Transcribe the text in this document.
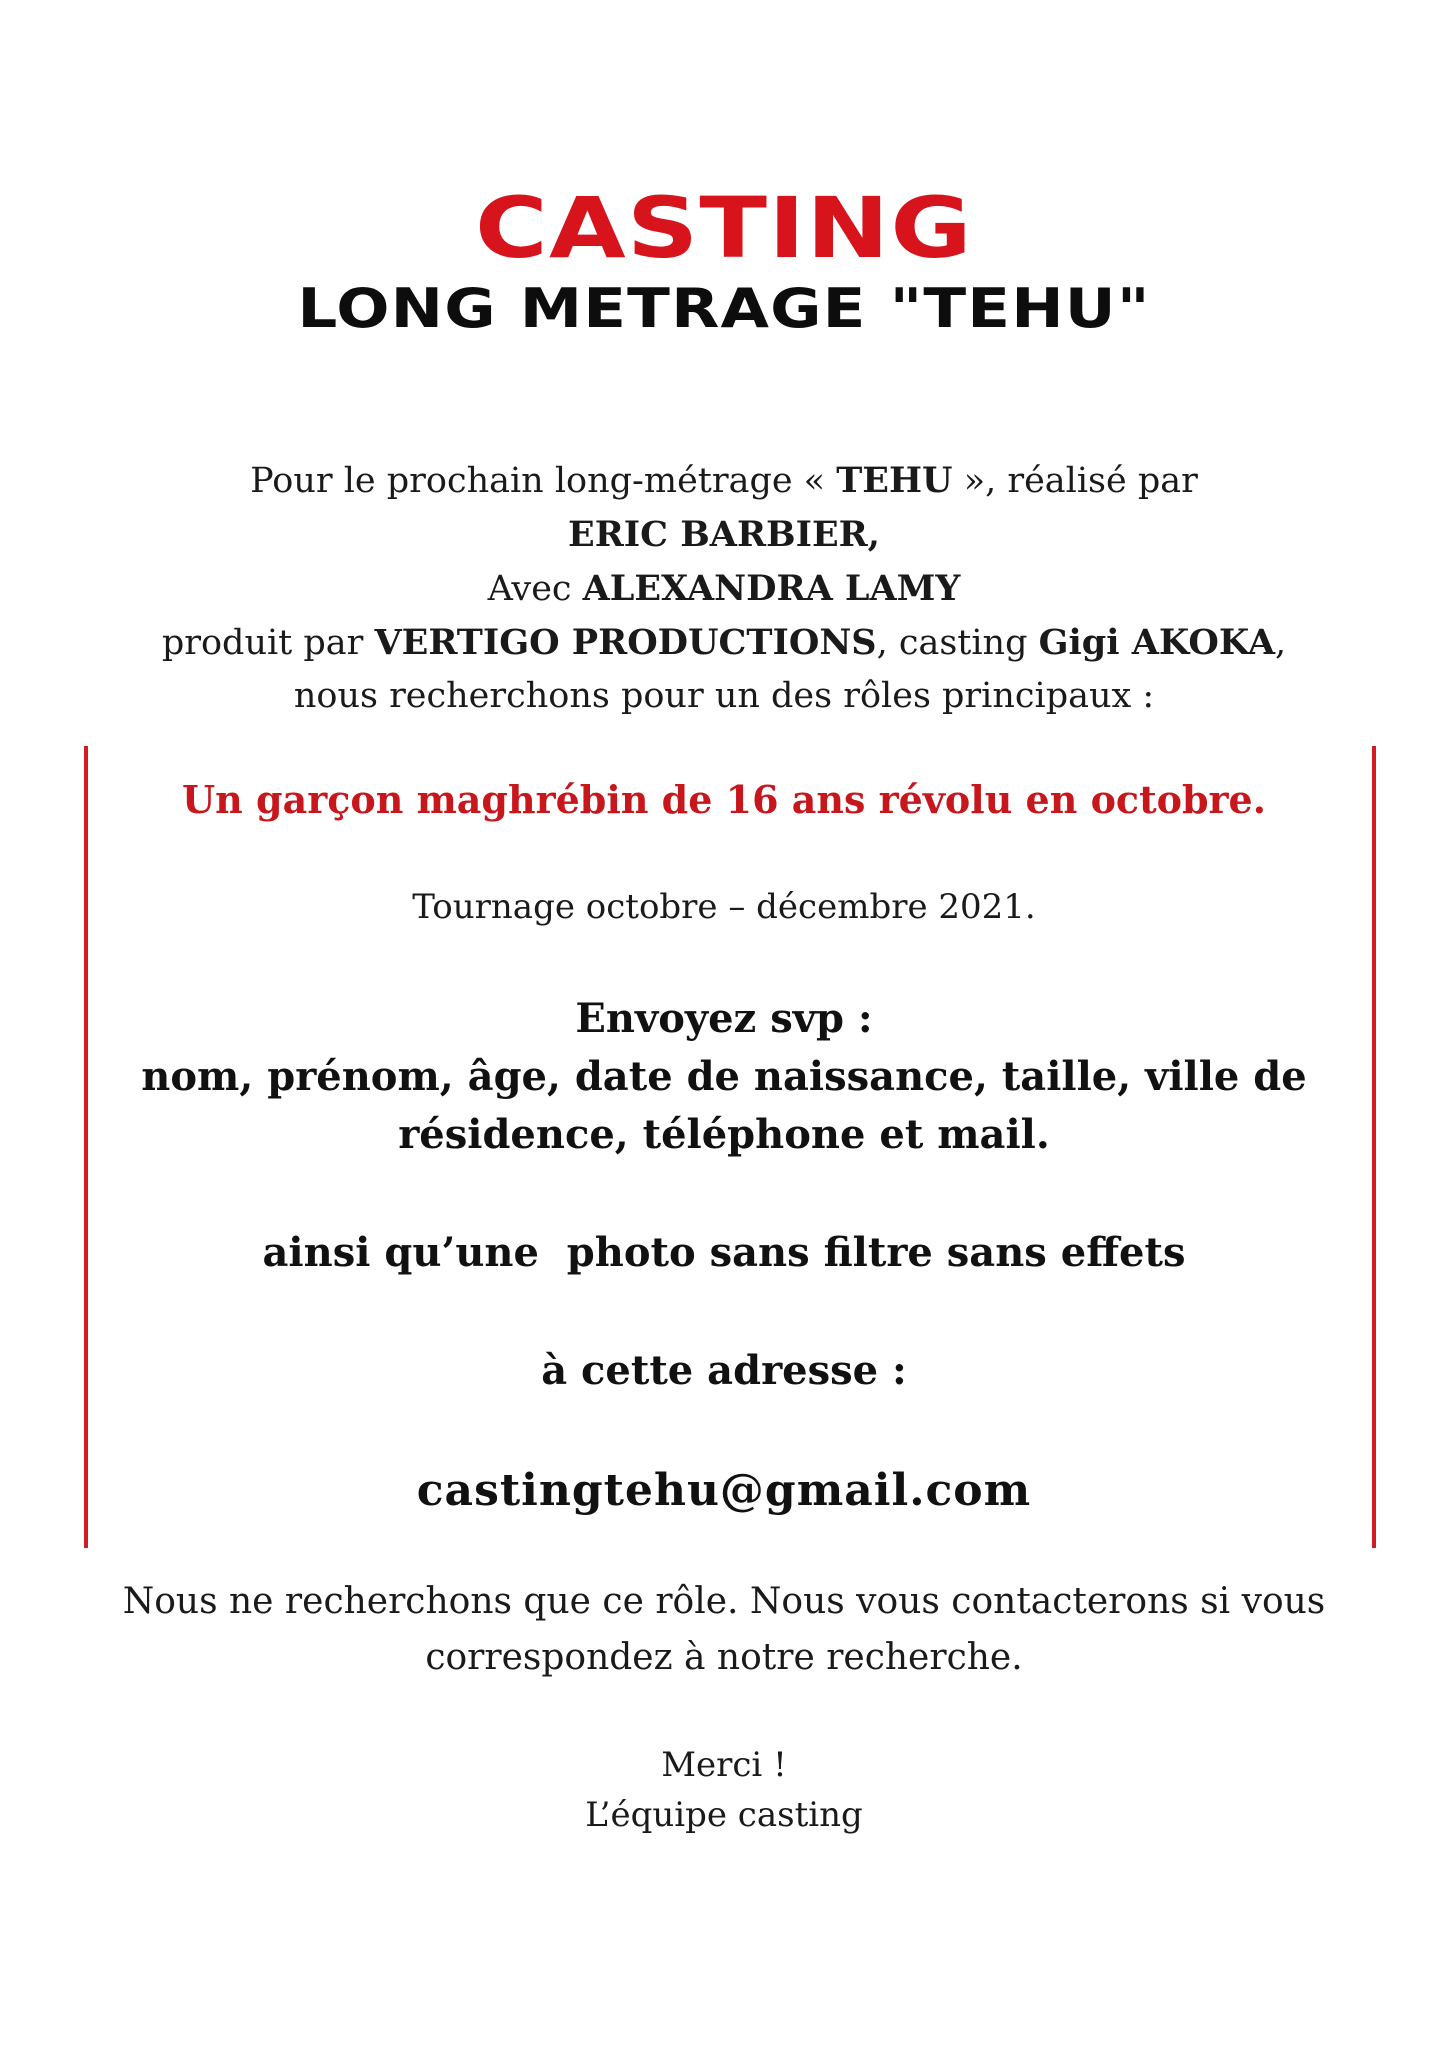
CASTING
LONG METRAGE "TEHU"
Pour le prochain long-métrage « TEHU », réalisé par
ERIC BARBIER,
Avec ALEXANDRA LAMY
produit par VERTIGO PRODUCTIONS, casting Gigi AKOKA,
nous recherchons pour un des rôles principaux :
Un garçon maghrébin de 16 ans révolu en octobre.
Tournage octobre – décembre 2021.
Envoyez svp :
nom, prénom, âge, date de naissance, taille, ville de
résidence, téléphone et mail.
ainsi qu’une  photo sans filtre sans effets
à cette adresse :
castingtehu@gmail.com
Nous ne recherchons que ce rôle. Nous vous contacterons si vous
correspondez à notre recherche.
Merci !
L’équipe casting
